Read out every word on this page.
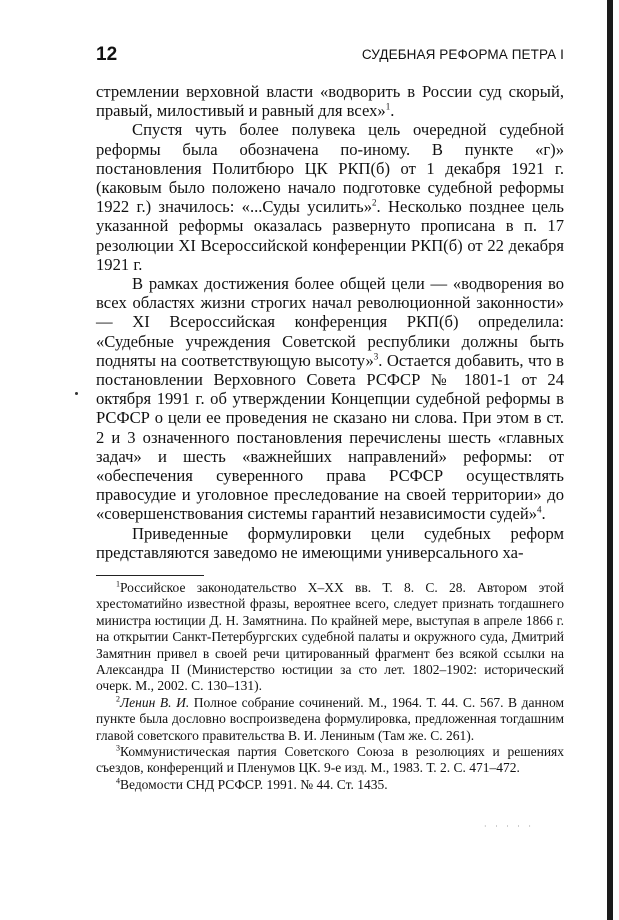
12	СУДЕБНАЯ РЕФОРМА ПЕТРА I

стремлении верховной власти «водворить в России суд скорый, правый, милостивый и равный для всех»$^1$.

Спустя чуть более полувека цель очередной судебной реформы была обозначена по-иному. В пункте «г)» постановления Политбюро ЦК РКП(б) от 1 декабря 1921 г. (каковым было положено начало подготовке судебной реформы 1922 г.) значилось: «...Суды усилить»$^2$. Несколько позднее цель указанной реформы оказалась развернуто прописана в п. 17 резолюции XI Всероссийской конференции РКП(б) от 22 декабря 1921 г.

В рамках достижения более общей цели — «водворения во всех областях жизни строгих начал революционной законности» — XI Всероссийская конференция РКП(б) определила: «Судебные учреждения Советской республики должны быть подняты на соответствующую высоту»$^3$. Остается добавить, что в постановлении Верховного Совета РСФСР № 1801-1 от 24 октября 1991 г. об утверждении Концепции судебной реформы в РСФСР о цели ее проведения не сказано ни слова. При этом в ст. 2 и 3 означенного постановления перечислены шесть «главных задач» и шесть «важнейших направлений» реформы: от «обеспечения суверенного права РСФСР осуществлять правосудие и уголовное преследование на своей территории» до «совершенствования системы гарантий независимости судей»$^4$.

Приведенные формулировки цели судебных реформ представляются заведомо не имеющими универсального ха-

$^1$Российское законодательство X–XX вв. Т. 8. С. 28. Автором этой хрестоматийно известной фразы, вероятнее всего, следует признать тогдашнего министра юстиции Д. Н. Замятнина. По крайней мере, выступая в апреле 1866 г. на открытии Санкт-Петербургских судебной палаты и окружного суда, Дмитрий Замятнин привел в своей речи цитированный фрагмент без всякой ссылки на Александра II (Министерство юстиции за сто лет. 1802–1902: исторический очерк. М., 2002. С. 130–131).

$^2$Ленин В. И. Полное собрание сочинений. М., 1964. Т. 44. С. 567. В данном пункте была дословно воспроизведена формулировка, предложенная тогдашним главой советского правительства В. И. Лениным (Там же. С. 261).

$^3$Коммунистическая партия Советского Союза в резолюциях и решениях съездов, конференций и Пленумов ЦК. 9-е изд. М., 1983. Т. 2. С. 471–472.

$^4$Ведомости СНД РСФСР. 1991. № 44. Ст. 1435.

· · · · ·
